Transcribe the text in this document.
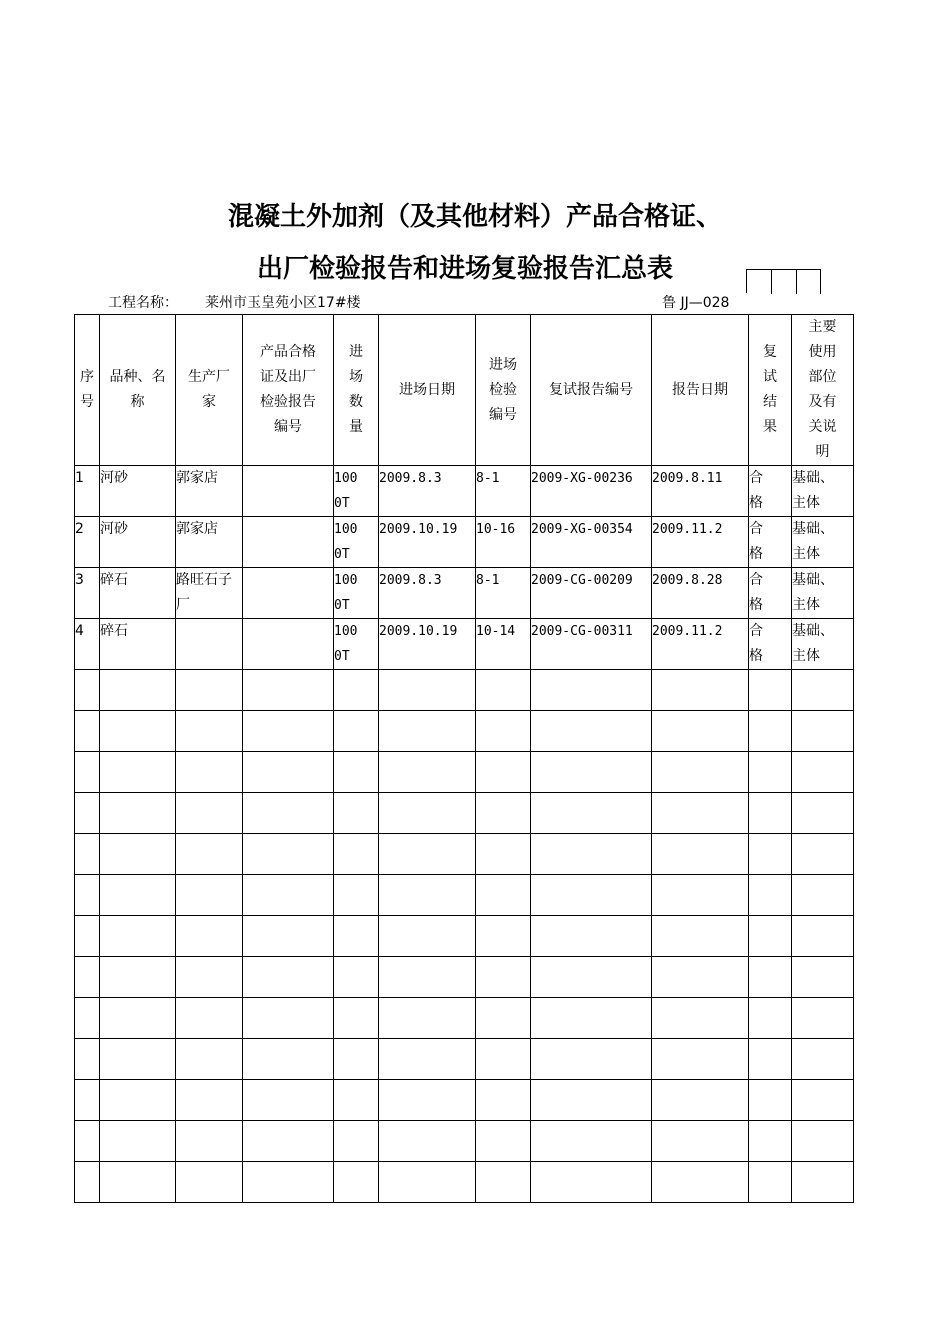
混凝土外加剂（及其他材料）产品合格证、
出厂检验报告和进场复验报告汇总表
工程名称： 莱州市玉皇苑小区17#楼	鲁 JJ—028
序号	品种、名称	生产厂家	产品合格
证及出厂
检验报告
编号	进场数量	进场日期	进场
检验
编号	复试报告编号	报告日期	复试结果	主要使用部位及有关说明
1	河砂	郭家店		1000T	2009.8.3	8-1	2009-XG-00236	2009.8.11	合格	基础、主体

2	河砂	郭家店		1000T	2009.10.19	10-16	2009-XG-00354	2009.11.2	合格	基础、主体

3	碎石	路旺石子厂		1000T	2009.8.3	8-1	2009-CG-00209	2009.8.28	合格	基础、主体

4	碎石			1000T	2009.10.19	10-14	2009-CG-00311	2009.11.2	合格	基础、主体
